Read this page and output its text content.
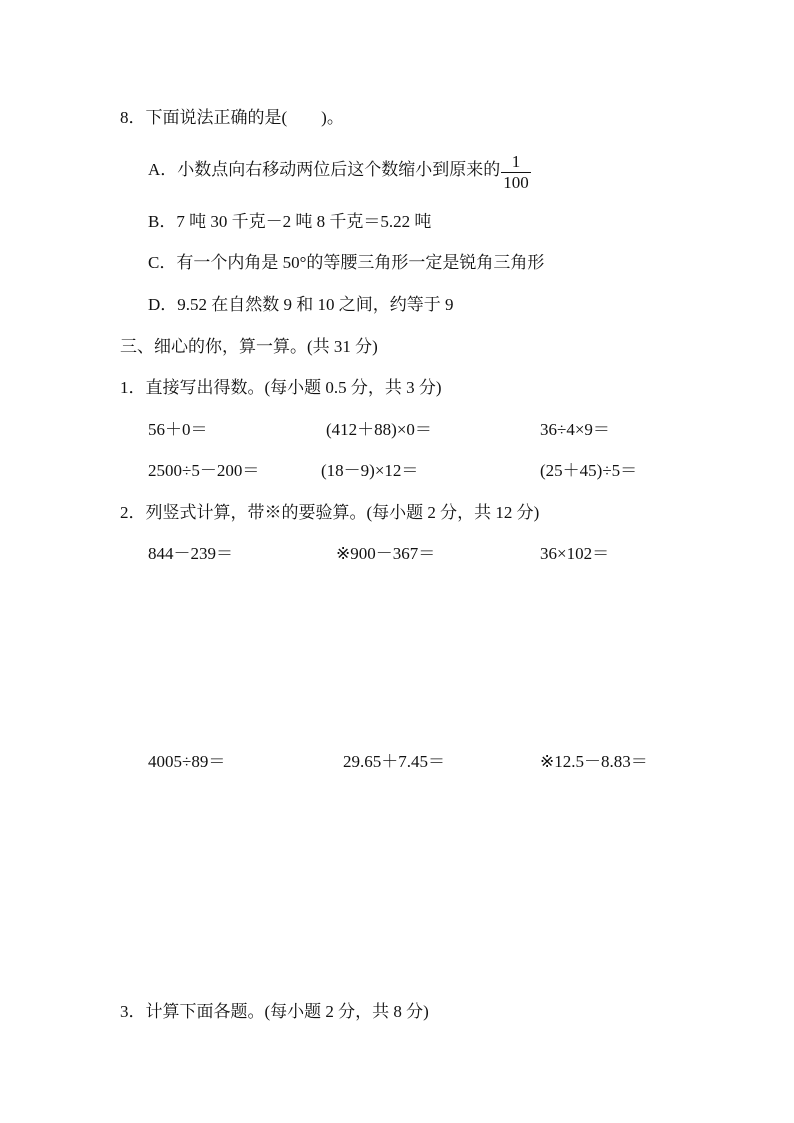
8．下面说法正确的是(　　)。
A．小数点向右移动两位后这个数缩小到原来的 $\frac{1}{100}$
B．7 吨 30 千克－2 吨 8 千克＝5.22 吨
C．有一个内角是 50°的等腰三角形一定是锐角三角形
D．9.52 在自然数 9 和 10 之间，约等于 9
三、细心的你，算一算。(共 31 分)
1．直接写出得数。(每小题 0.5 分，共 3 分)
56＋0＝	(412＋88)×0＝	36÷4×9＝
2500÷5－200＝	(18－9)×12＝	(25＋45)÷5＝
2．列竖式计算，带※的要验算。(每小题 2 分，共 12 分)
844－239＝	※900－367＝	36×102＝
4005÷89＝	29.65＋7.45＝	※12.5－8.83＝
3．计算下面各题。(每小题 2 分，共 8 分)
